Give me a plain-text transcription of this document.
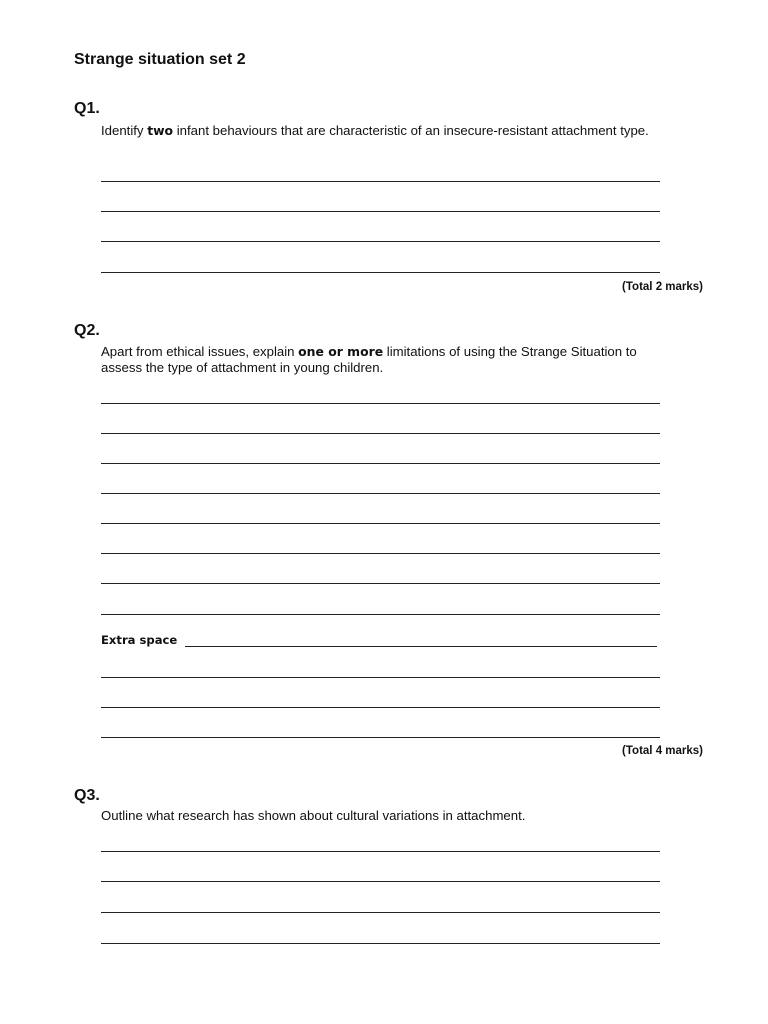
Strange situation set 2
Q1.

Identify two infant behaviours that are characteristic of an insecure-resistant attachment type.

(Total 2 marks)
Q2.

Apart from ethical issues, explain one or more limitations of using the Strange Situation to assess the type of attachment in young children.

Extra space
(Total 4 marks)
Q3.

Outline what research has shown about cultural variations in attachment.
